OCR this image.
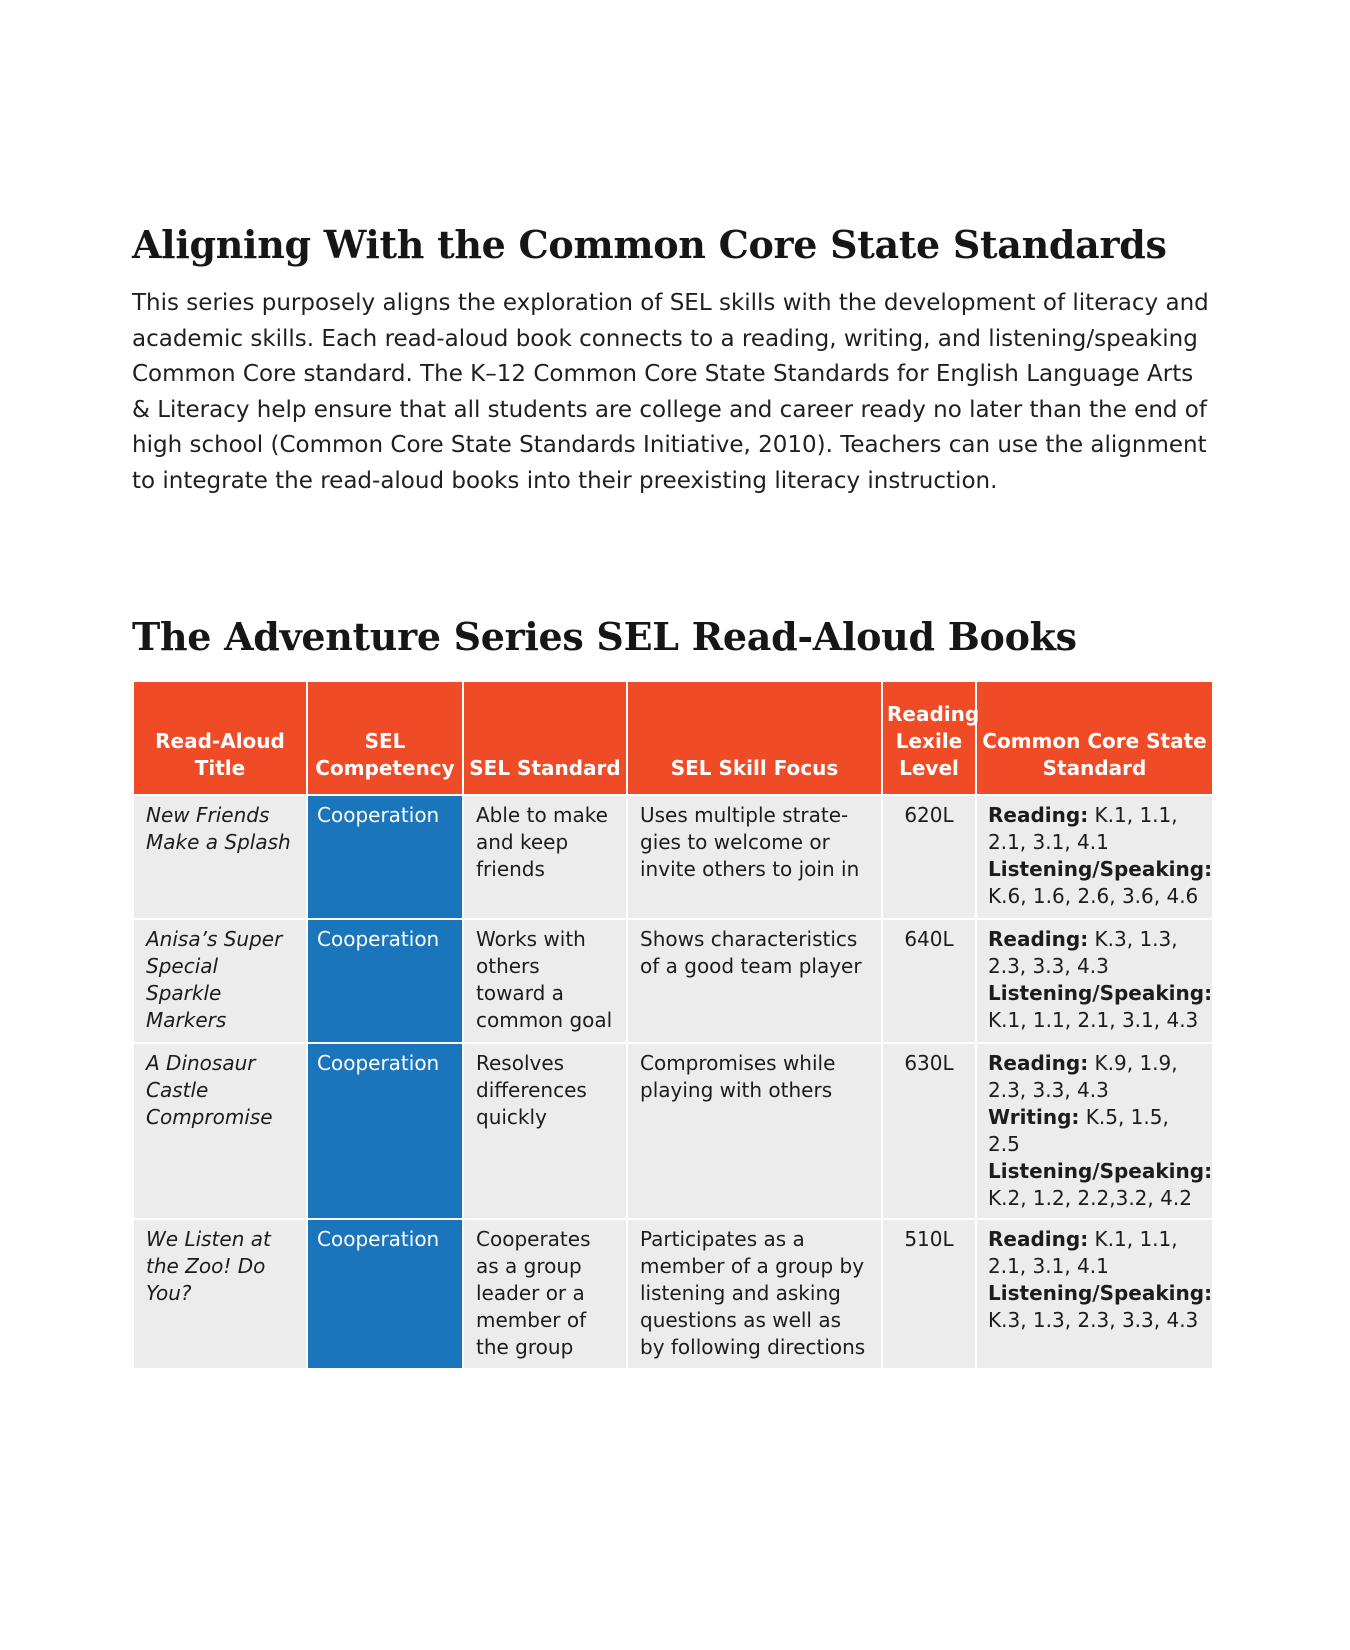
Aligning With the Common Core State Standards

This series purposely aligns the exploration of SEL skills with the development of literacy and academic skills. Each read-aloud book connects to a reading, writing, and listening/speaking Common Core standard. The K–12 Common Core State Standards for English Language Arts & Literacy help ensure that all students are college and career ready no later than the end of high school (Common Core State Standards Initiative, 2010). Teachers can use the alignment to integrate the read-aloud books into their preexisting literacy instruction.

The Adventure Series SEL Read-Aloud Books
Read-Aloud Title	SEL Competency	SEL Standard	SEL Skill Focus	Reading Lexile Level	Common Core State Standard
New Friends Make a Splash	Cooperation	Able to make and keep friends	Uses multiple strate-gies to welcome or invite others to join in	620L	Reading: K.1, 1.1, 2.1, 3.1, 4.1
Listening/Speaking: K.6, 1.6, 2.6, 3.6, 4.6

Anisa’s Super Special Sparkle Markers	Cooperation	Works with others toward a common goal	Shows characteristics of a good team player	640L	Reading: K.3, 1.3, 2.3, 3.3, 4.3
Listening/Speaking: K.1, 1.1, 2.1, 3.1, 4.3

A Dinosaur Castle Compromise	Cooperation	Resolves differences quickly	Compromises while playing with others	630L	Reading: K.9, 1.9, 2.3, 3.3, 4.3
Writing: K.5, 1.5, 2.5
Listening/Speaking: K.2, 1.2, 2.2,3.2, 4.2

We Listen at the Zoo! Do You?	Cooperation	Cooperates as a group leader or a member of the group	Participates as a member of a group by listening and asking questions as well as by following directions	510L	Reading: K.1, 1.1, 2.1, 3.1, 4.1
Listening/Speaking: K.3, 1.3, 2.3, 3.3, 4.3
